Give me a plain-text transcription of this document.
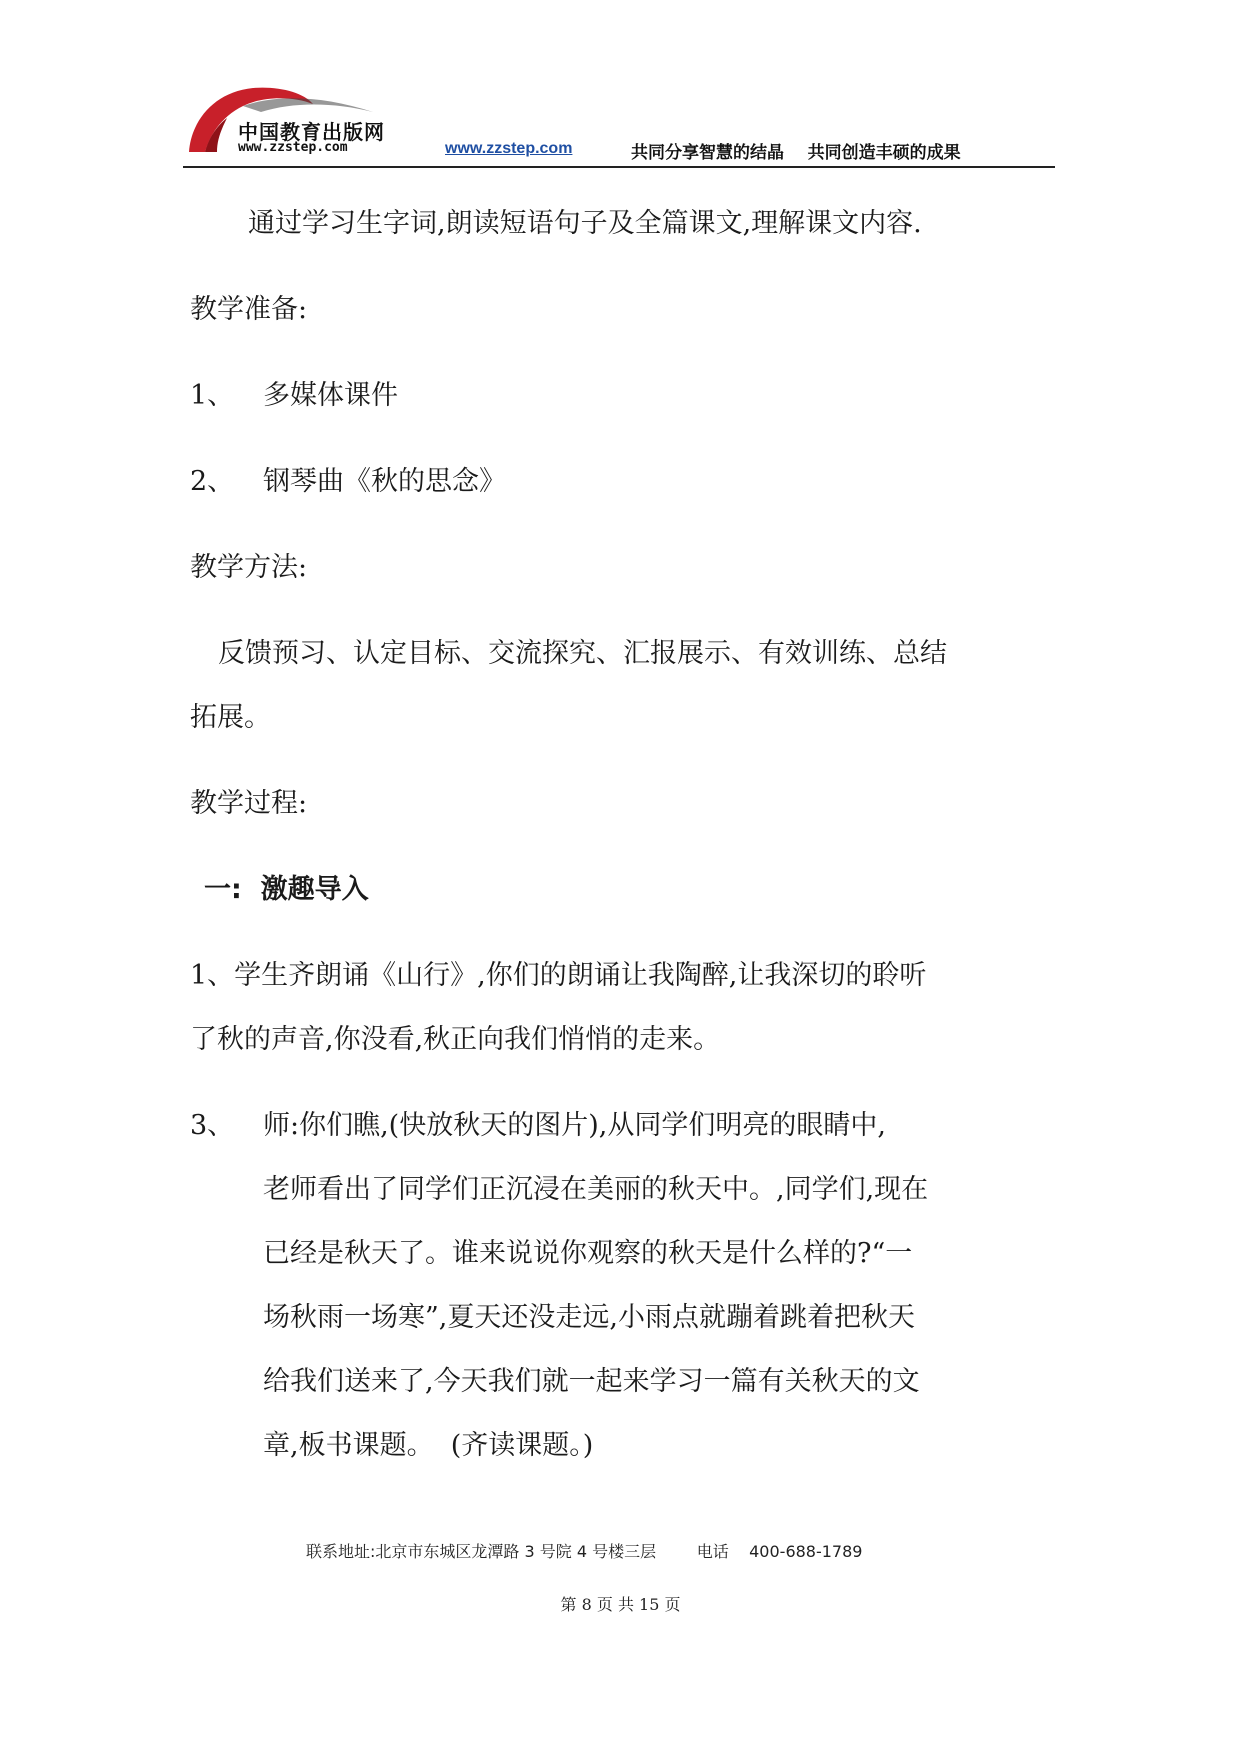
中国教育出版网
www.zzstep.com	www.zzstep.com	共同分享智慧的结晶    共同创造丰硕的成果
通过学习生字词,朗读短语句子及全篇课文,理解课文内容.
教学准备:
1、 多媒体课件
2、 钢琴曲《秋的思念》
教学方法:
反馈预习、认定目标、交流探究、汇报展示、有效训练、总结
拓展。
教学过程:
一:  激趣导入
1、学生齐朗诵《山行》,你们的朗诵让我陶醉,让我深切的聆听
了秋的声音,你没看,秋正向我们悄悄的走来。
3、 师:你们瞧,(快放秋天的图片),从同学们明亮的眼睛中,
老师看出了同学们正沉浸在美丽的秋天中。,同学们,现在
已经是秋天了。谁来说说你观察的秋天是什么样的?“一
场秋雨一场寒”,夏天还没走远,小雨点就蹦着跳着把秋天
给我们送来了,今天我们就一起来学习一篇有关秋天的文
章,板书课题。  (齐读课题。)
联系地址:北京市东城区龙潭路 3 号院 4 号楼三层        电话    400-688-1789
第 8 页 共 15 页
